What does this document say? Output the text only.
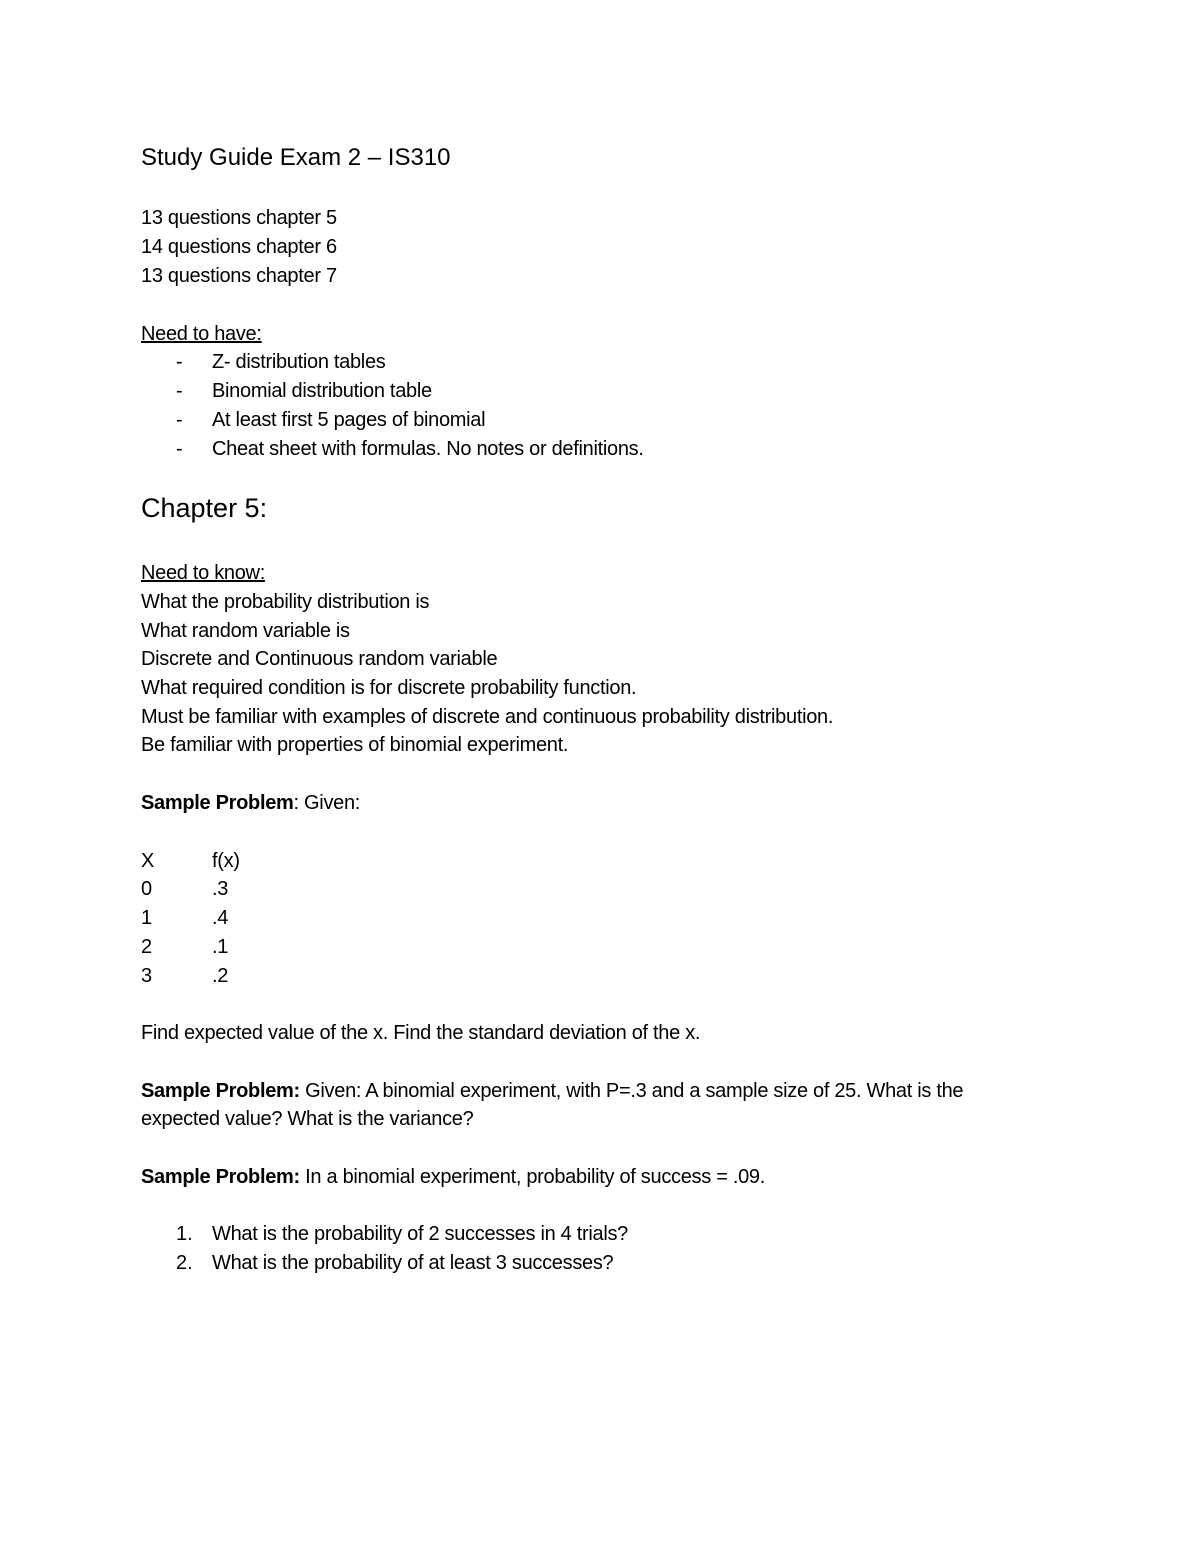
Study Guide Exam 2 – IS310
13 questions chapter 5
14 questions chapter 6
13 questions chapter 7
Need to have:
- Z- distribution tables
- Binomial distribution table
- At least first 5 pages of binomial
- Cheat sheet with formulas. No notes or definitions.
Chapter 5:
Need to know:
What the probability distribution is
What random variable is
Discrete and Continuous random variable
What required condition is for discrete probability function.
Must be familiar with examples of discrete and continuous probability distribution.
Be familiar with properties of binomial experiment.
Sample Problem: Given:
X	f(x)
0	.3
1	.4
2	.1
3	.2
Find expected value of the x. Find the standard deviation of the x.
Sample Problem: Given: A binomial experiment, with P=.3 and a sample size of 25. What is the
expected value? What is the variance?
Sample Problem: In a binomial experiment, probability of success = .09.
1. What is the probability of 2 successes in 4 trials?
2. What is the probability of at least 3 successes?
